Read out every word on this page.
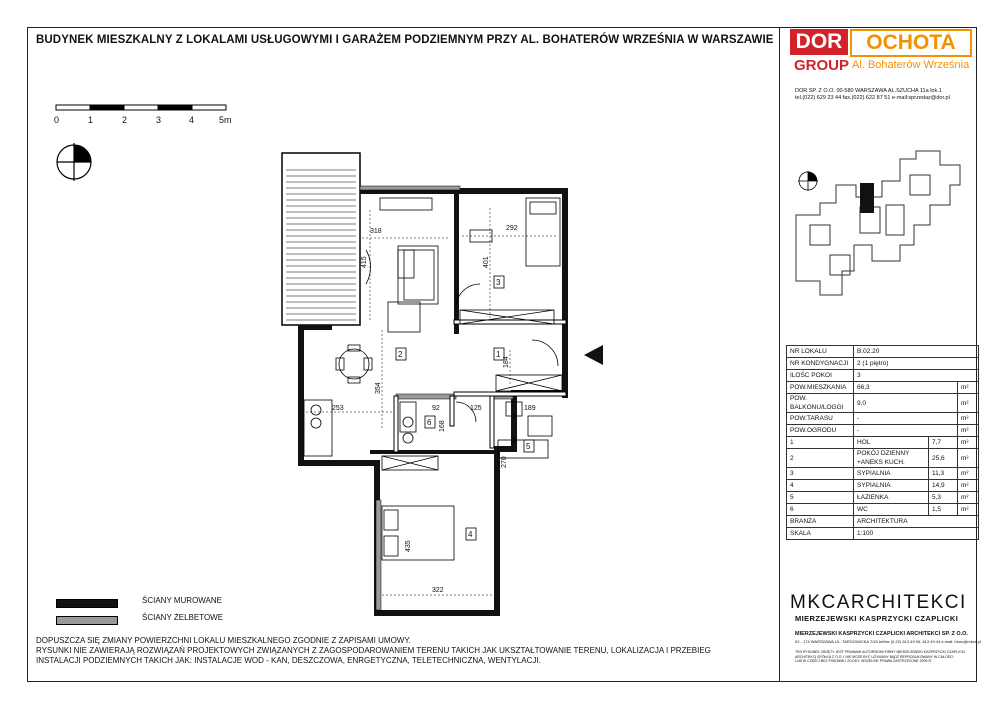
BUDYNEK MIESZKALNY Z LOKALAMI USŁUGOWYMI I GARAŻEM PODZIEMNYM PRZY AL. BOHATERÓW WRZEŚNIA W WARSZAWIE DOR	OCHOTA
GROUP Al. Bohaterów Września
DOR SP. Z O.O. 00-580 WARSZAWA AL.SZUCHA 11a lok.1
tel.(022) 629 23 44 fax.(022) 622 87 51 e-mail:sprzedaz@dor.pl
0	1	2	3	4	5m
3
2	1
6
5
4
318	292
415	401
354
253
184
92
168
125	189
270
435
322
ŚCIANY MUROWANE
ŚCIANY ŻELBETOWE
DOPUSZCZA SIĘ ZMIANY POWIERZCHNI LOKALU MIESZKALNEGO ZGODNIE Z ZAPISAMI UMOWY.
RYSUNKI NIE ZAWIERAJĄ ROZWIĄZAŃ PROJEKTOWYCH ZWIĄZANYCH Z ZAGOSPODAROWANIEM TERENU TAKICH JAK UKSZTAŁTOWANIE TERENU, LOKALIZACJA I PRZEBIEG
INSTALACJI PODZIEMNYCH TAKICH JAK: INSTALACJE WOD - KAN, DESZCZOWA, ENRGETYCZNA, TELETECHNICZNA, WENTYLACJI.
NR LOKALU	B.02.20		
NR KONDYGNACJI	2 (1 piętro)		
ILOŚC POKOI	3		
POW.MIESZKANIA	66,3		m²
POW. BALKONU/LOGGI	9,0		m²
POW.TARASU	-		m²
POW.OGRODU	-		m²
1	HOL	7,7	m²
2	POKÓJ DZIENNY +ANEKS KUCH.	25,6	m²
3	SYPIALNIA	11,3	m²
4	SYPIALNIA	14,9	m²
5	ŁAZIENKA	5,3	m²
6	WC	1,5	m²
BRANŻA	ARCHITEKTURA		
SKALA	1:100		
MKCARCHITEKCI
MIERZEJEWSKI KASPRZYCKI CZAPLICKI
MIERZEJEWSKI KASPRZYCKI CZAPLICKI ARCHITEKCI SP. Z O.O.
02 - 174 WARSZAWA UL. TARGOWICKA 7/15 tel/fax (0-22) 613 49 06, 613 49 44 e-mail: biuro@mkca.pl
TEN RYSUNEK OBJĘTY JEST PRAWAMI AUTORSKIMI FIRMY MIERZEJEWSKI KASPRZYCKI CZAPLICKI
ARCHITEKCI SPÓŁKA Z O.O. I NIE MOŻE BYĆ UŻYWANY BĄDŹ REPRODUKOWANY W CAŁOŚCI
LUB W CZĘŚCI BEZ PISEMNEJ ZGODY. WSZELKIE PRAWA ZASTRZEŻONE 2009 R.
